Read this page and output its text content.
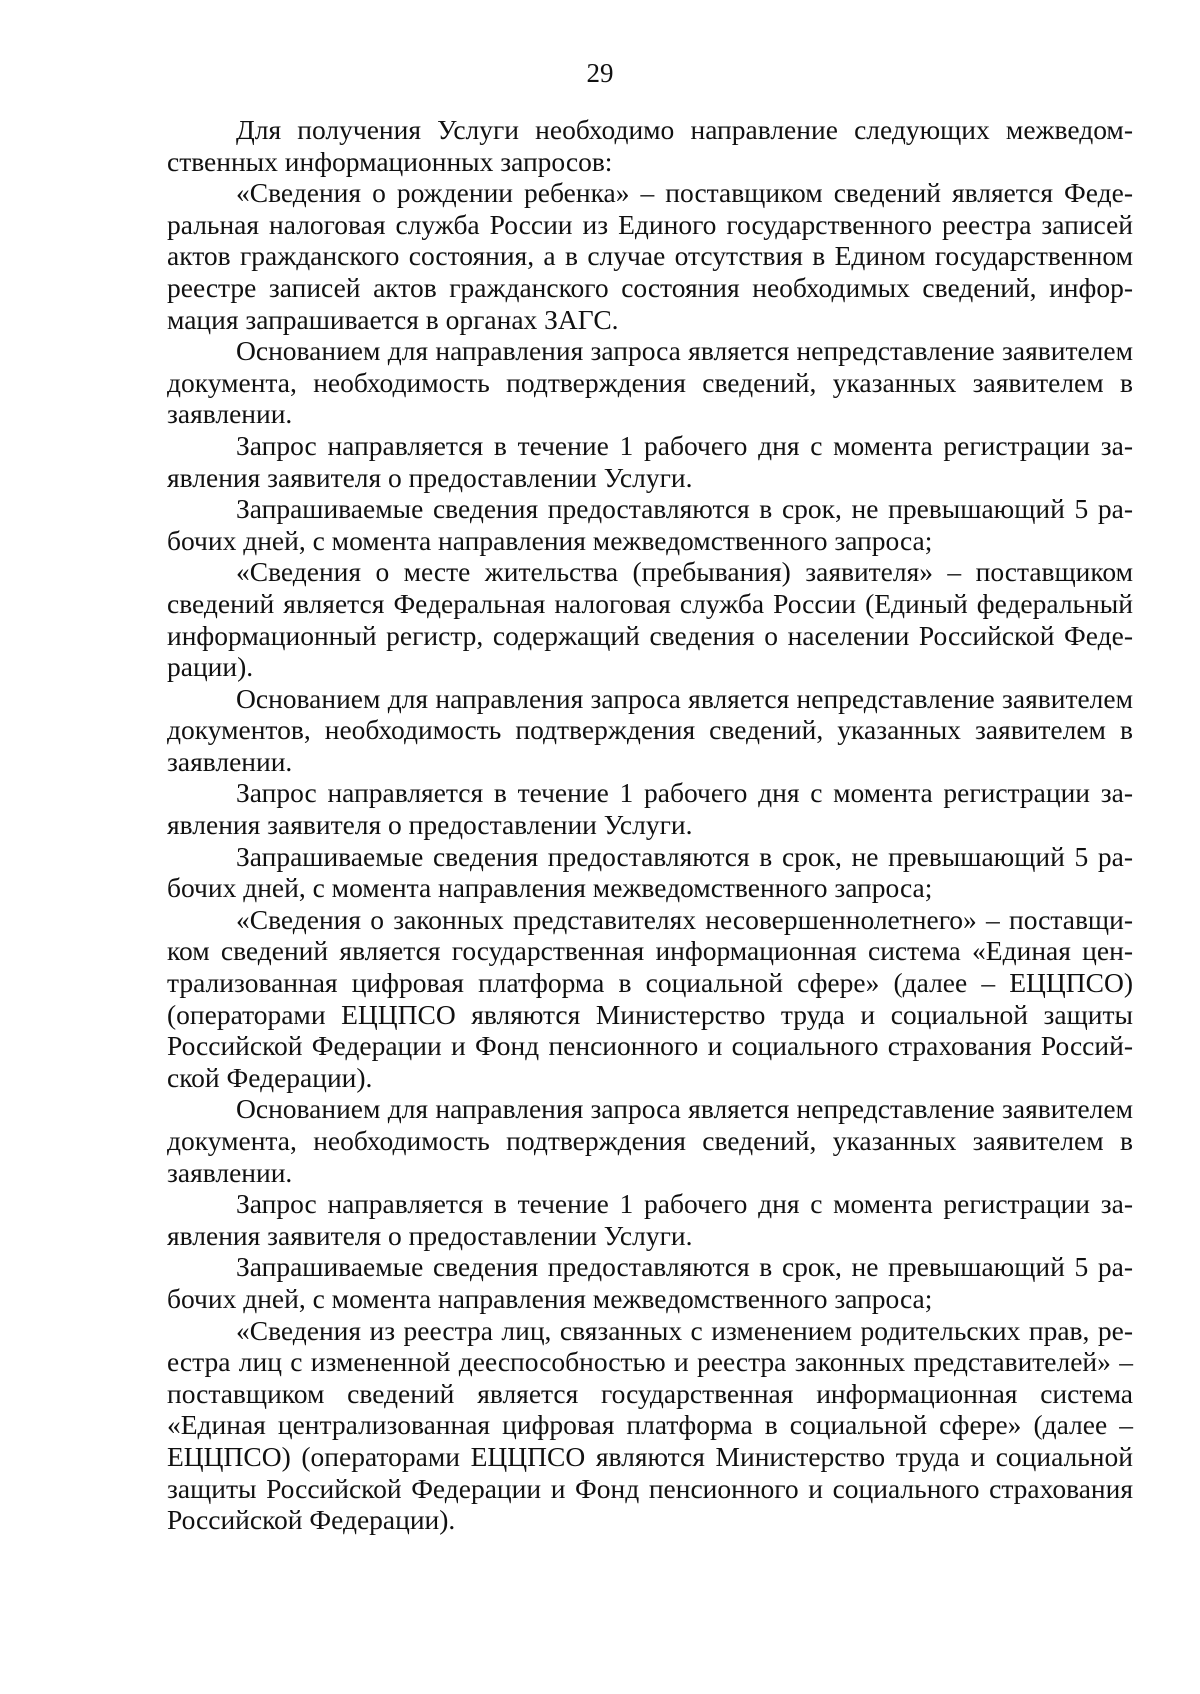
29

Для получения Услуги необходимо направление следующих межведомственных информационных запросов:

«Сведения о рождении ребенка» – поставщиком сведений является Федеральная налоговая служба России из Единого государственного реестра записей актов гражданского состояния, а в случае отсутствия в Едином государственном реестре записей актов гражданского состояния необходимых сведений, информация запрашивается в органах ЗАГС.

Основанием для направления запроса является непредставление заявителем документа, необходимость подтверждения сведений, указанных заявителем в заявлении.

Запрос направляется в течение 1 рабочего дня с момента регистрации заявления заявителя о предоставлении Услуги.

Запрашиваемые сведения предоставляются в срок, не превышающий 5 рабочих дней, с момента направления межведомственного запроса;

«Сведения о месте жительства (пребывания) заявителя» – поставщиком сведений является Федеральная налоговая служба России (Единый федеральный информационный регистр, содержащий сведения о населении Российской Федерации).

Основанием для направления запроса является непредставление заявителем документов, необходимость подтверждения сведений, указанных заявителем в заявлении.

Запрос направляется в течение 1 рабочего дня с момента регистрации заявления заявителя о предоставлении Услуги.

Запрашиваемые сведения предоставляются в срок, не превышающий 5 рабочих дней, с момента направления межведомственного запроса;

«Сведения о законных представителях несовершеннолетнего» – поставщиком сведений является государственная информационная система «Единая централизованная цифровая платформа в социальной сфере» (далее – ЕЦЦПСО) (операторами ЕЦЦПСО являются Министерство труда и социальной защиты Российской Федерации и Фонд пенсионного и социального страхования Российской Федерации).

Основанием для направления запроса является непредставление заявителем документа, необходимость подтверждения сведений, указанных заявителем в заявлении.

Запрос направляется в течение 1 рабочего дня с момента регистрации заявления заявителя о предоставлении Услуги.

Запрашиваемые сведения предоставляются в срок, не превышающий 5 рабочих дней, с момента направления межведомственного запроса;

«Сведения из реестра лиц, связанных с изменением родительских прав, реестра лиц с измененной дееспособностью и реестра законных представителей» – поставщиком сведений является государственная информационная система «Единая централизованная цифровая платформа в социальной сфере» (далее – ЕЦЦПСО) (операторами ЕЦЦПСО являются Министерство труда и социальной защиты Российской Федерации и Фонд пенсионного и социального страхования Российской Федерации).
